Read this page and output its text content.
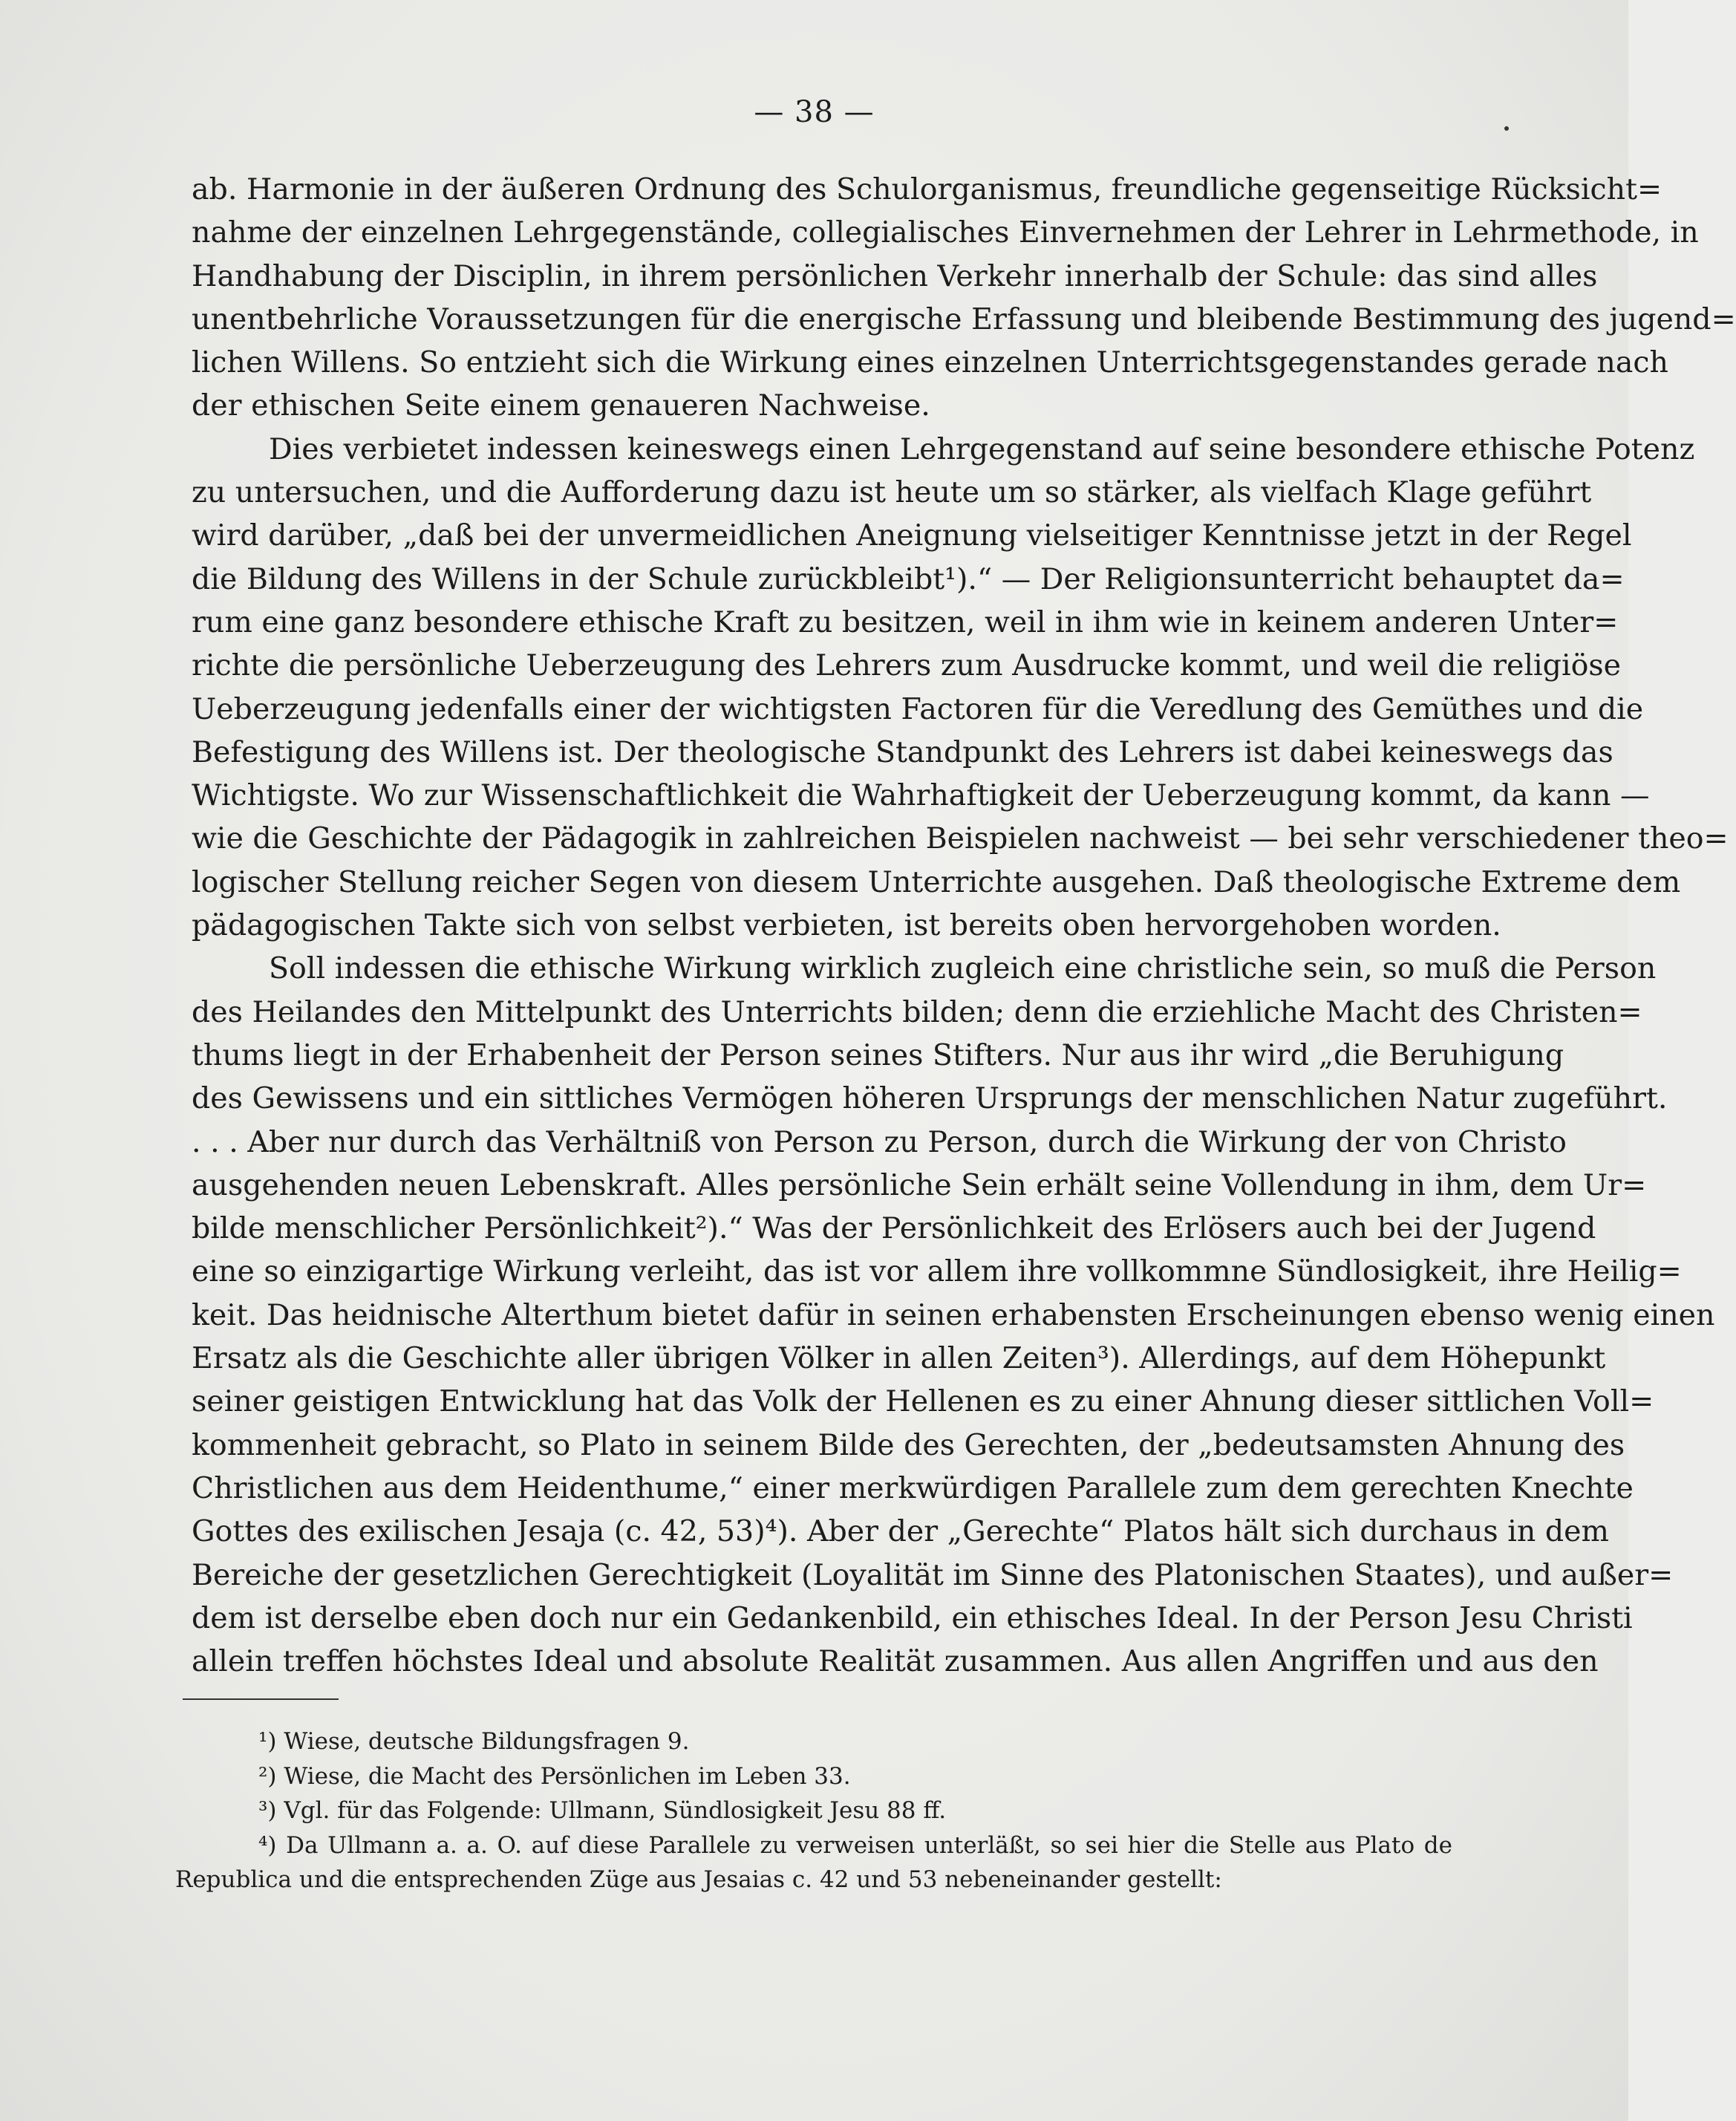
— 38 —
ab. Harmonie in der äußeren Ordnung des Schulorganismus, freundliche gegenseitige Rücksicht=
nahme der einzelnen Lehrgegenstände, collegialisches Einvernehmen der Lehrer in Lehrmethode, in
Handhabung der Disciplin, in ihrem persönlichen Verkehr innerhalb der Schule: das sind alles
unentbehrliche Voraussetzungen für die energische Erfassung und bleibende Bestimmung des jugend=
lichen Willens. So entzieht sich die Wirkung eines einzelnen Unterrichtsgegenstandes gerade nach
der ethischen Seite einem genaueren Nachweise.
Dies verbietet indessen keineswegs einen Lehrgegenstand auf seine besondere ethische Potenz
zu untersuchen, und die Aufforderung dazu ist heute um so stärker, als vielfach Klage geführt
wird darüber, „daß bei der unvermeidlichen Aneignung vielseitiger Kenntnisse jetzt in der Regel
die Bildung des Willens in der Schule zurückbleibt¹).“ — Der Religionsunterricht behauptet da=
rum eine ganz besondere ethische Kraft zu besitzen, weil in ihm wie in keinem anderen Unter=
richte die persönliche Ueberzeugung des Lehrers zum Ausdrucke kommt, und weil die religiöse
Ueberzeugung jedenfalls einer der wichtigsten Factoren für die Veredlung des Gemüthes und die
Befestigung des Willens ist. Der theologische Standpunkt des Lehrers ist dabei keineswegs das
Wichtigste. Wo zur Wissenschaftlichkeit die Wahrhaftigkeit der Ueberzeugung kommt, da kann —
wie die Geschichte der Pädagogik in zahlreichen Beispielen nachweist — bei sehr verschiedener theo=
logischer Stellung reicher Segen von diesem Unterrichte ausgehen. Daß theologische Extreme dem
pädagogischen Takte sich von selbst verbieten, ist bereits oben hervorgehoben worden.
Soll indessen die ethische Wirkung wirklich zugleich eine christliche sein, so muß die Person
des Heilandes den Mittelpunkt des Unterrichts bilden; denn die erziehliche Macht des Christen=
thums liegt in der Erhabenheit der Person seines Stifters. Nur aus ihr wird „die Beruhigung
des Gewissens und ein sittliches Vermögen höheren Ursprungs der menschlichen Natur zugeführt.
. . . Aber nur durch das Verhältniß von Person zu Person, durch die Wirkung der von Christo
ausgehenden neuen Lebenskraft. Alles persönliche Sein erhält seine Vollendung in ihm, dem Ur=
bilde menschlicher Persönlichkeit²).“ Was der Persönlichkeit des Erlösers auch bei der Jugend
eine so einzigartige Wirkung verleiht, das ist vor allem ihre vollkommne Sündlosigkeit, ihre Heilig=
keit. Das heidnische Alterthum bietet dafür in seinen erhabensten Erscheinungen ebenso wenig einen
Ersatz als die Geschichte aller übrigen Völker in allen Zeiten³). Allerdings, auf dem Höhepunkt
seiner geistigen Entwicklung hat das Volk der Hellenen es zu einer Ahnung dieser sittlichen Voll=
kommenheit gebracht, so Plato in seinem Bilde des Gerechten, der „bedeutsamsten Ahnung des
Christlichen aus dem Heidenthume,“ einer merkwürdigen Parallele zum dem gerechten Knechte
Gottes des exilischen Jesaja (c. 42, 53)⁴). Aber der „Gerechte“ Platos hält sich durchaus in dem
Bereiche der gesetzlichen Gerechtigkeit (Loyalität im Sinne des Platonischen Staates), und außer=
dem ist derselbe eben doch nur ein Gedankenbild, ein ethisches Ideal. In der Person Jesu Christi
allein treffen höchstes Ideal und absolute Realität zusammen. Aus allen Angriffen und aus den
¹) Wiese, deutsche Bildungsfragen 9.
²) Wiese, die Macht des Persönlichen im Leben 33.
³) Vgl. für das Folgende: Ullmann, Sündlosigkeit Jesu 88 ff.
⁴) Da Ullmann a. a. O. auf diese Parallele zu verweisen unterläßt, so sei hier die Stelle aus Plato de
Republica und die entsprechenden Züge aus Jesaias c. 42 und 53 nebeneinander gestellt:
